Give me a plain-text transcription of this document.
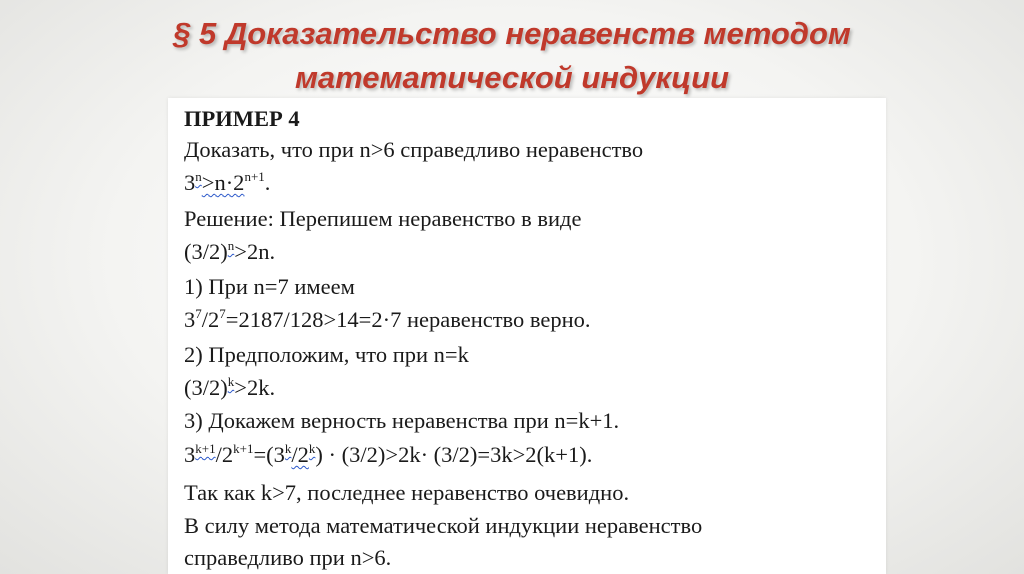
§ 5 Доказательство неравенств методом
математической индукции
ПРИМЕР 4
Доказать, что при n>6 справедливо неравенство
$3^n>n\cdot 2^{n+1}$.
Решение: Перепишем неравенство в виде
$(3/2)^n>2n$.
1) При n=7 имеем
$3^7/2^7=2187/128>14=2\cdot 7$ неравенство верно.
2) Предположим, что при n=k
$(3/2)^k>2k$.
3) Докажем верность неравенства при n=k+1.
$3^{k+1}/2^{k+1}=(3^k/2^k) \cdot (3/2)>2k\cdot (3/2)=3k>2(k+1)$.
Так как k>7, последнее неравенство очевидно.
В силу метода математической индукции неравенство
справедливо при n>6.
